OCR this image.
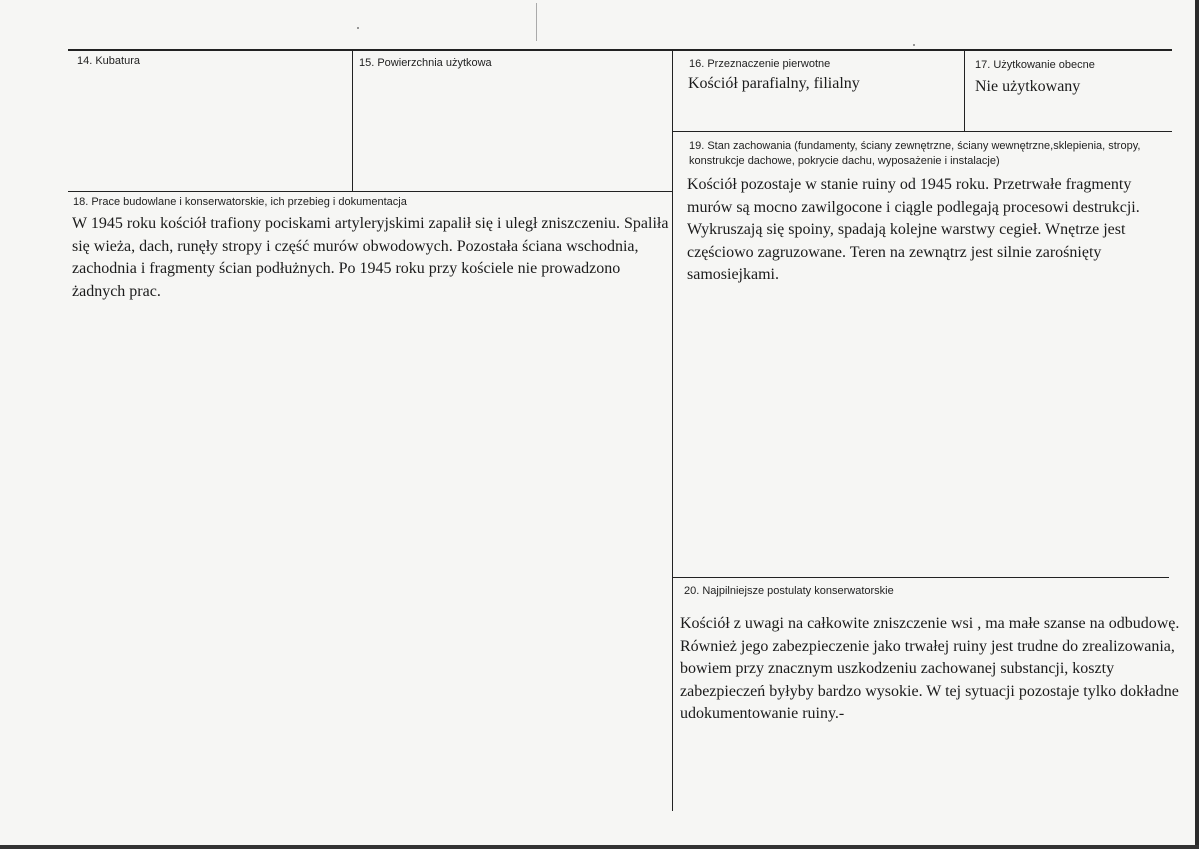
14. Kubatura	15. Powierzchnia użytkowa	16. Przeznaczenie pierwotne
Kościół parafialny, filialny
17. Użytkowanie obecne
Nie użytkowany
19. Stan zachowania (fundamenty, ściany zewnętrzne, ściany wewnętrzne,sklepienia, stropy, konstrukcje dachowe, pokrycie dachu, wyposażenie i instalacje)
Kościół pozostaje w stanie ruiny od 1945 roku. Przetrwałe fragmenty murów są mocno zawilgocone i ciągle podlegają procesowi destrukcji. Wykruszają się spoiny, spadają kolejne warstwy cegieł. Wnętrze jest częściowo zagruzowane. Teren na zewnątrz jest silnie zarośnięty samosiejkami.
18. Prace budowlane i konserwatorskie, ich przebieg i dokumentacja
W 1945 roku kościół trafiony pociskami artyleryjskimi zapalił się i uległ zniszczeniu. Spaliła się wieża, dach, runęły stropy i część murów obwodowych. Pozostała ściana wschodnia, zachodnia i fragmenty ścian podłużnych. Po 1945 roku przy kościele nie prowadzono żadnych prac.
20. Najpilniejsze postulaty konserwatorskie
Kościół z uwagi na całkowite zniszczenie wsi , ma małe szanse na odbudowę. Również jego zabezpieczenie jako trwałej ruiny jest trudne do zrealizowania, bowiem przy znacznym uszkodzeniu zachowanej substancji, koszty zabezpieczeń byłyby bardzo wysokie. W tej sytuacji pozostaje tylko dokładne udokumentowanie ruiny.-
